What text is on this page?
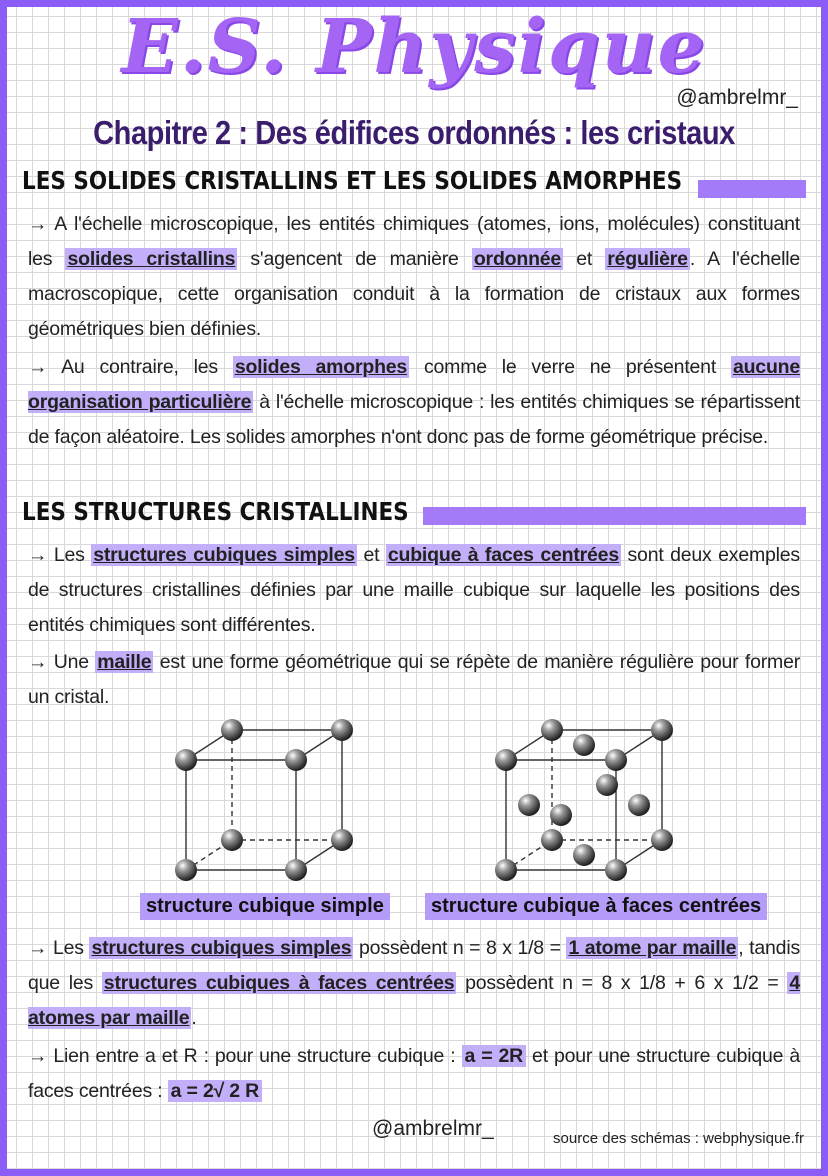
E.S. Physique
@ambrelmr_
Chapitre 2 : Des édifices ordonnés : les cristaux
LES SOLIDES CRISTALLINS ET LES SOLIDES AMORPHES

→ A l'échelle microscopique, les entités chimiques (atomes, ions, molécules) constituant les solides cristallins s'agencent de manière ordonnée et régulière . A l'échelle macroscopique, cette organisation conduit à la formation de cristaux aux formes géométriques bien définies.

→ Au contraire, les solides amorphes comme le verre ne présentent aucune organisation particulière à l'échelle microscopique : les entités chimiques se répartissent de façon aléatoire. Les solides amorphes n'ont donc pas de forme géométrique précise.

LES STRUCTURES CRISTALLINES

→ Les structures cubiques simples et cubique à faces centrées sont deux exemples de structures cristallines définies par une maille cubique sur laquelle les positions des entités chimiques sont différentes.

→ Une maille est une forme géométrique qui se répète de manière régulière pour former un cristal.

structure cubique simple	structure cubique à faces centrées

→ Les structures cubiques simples possèdent n = 8 x 1/8 = 1 atome par maille , tandis que les structures cubiques à faces centrées possèdent n = 8 x 1/8 + 6 x 1/2 = 4 atomes par maille .

→ Lien entre a et R : pour une structure cubique : a = 2R et pour une structure cubique à faces centrées : a = 2√ 2 R

@ambrelmr_	source des schémas : webphysique.fr
